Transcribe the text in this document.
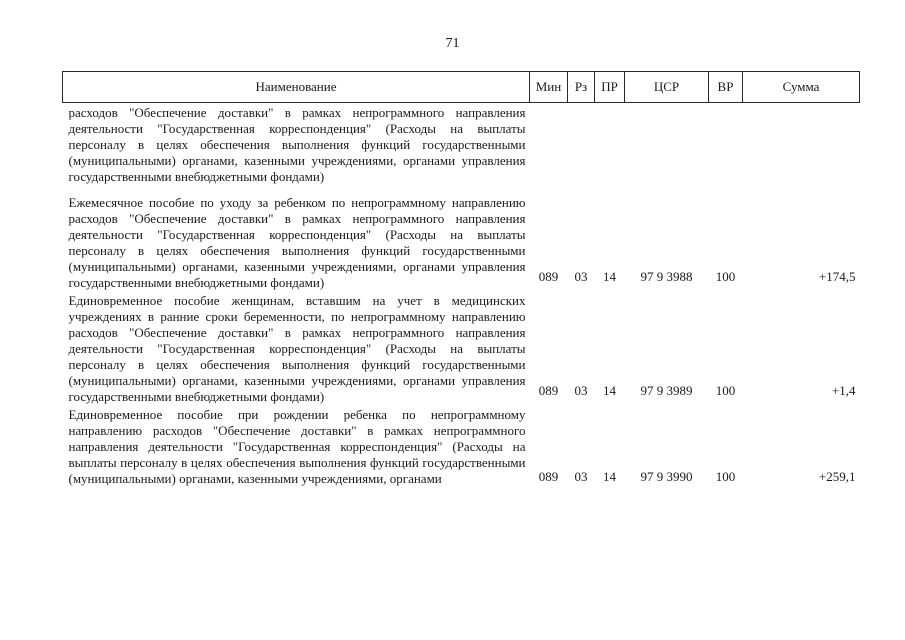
71
Наименование	Мин	Рз	ПР	ЦСР	ВР	Сумма
расходов "Обеспечение доставки" в рамках непрограммного направления деятельности "Государственная корреспонденция" (Расходы на выплаты персоналу в целях обеспечения выполнения функций государственными (муниципальными) органами, казенными учреждениями, органами управления государственными внебюджетными фондами)						
Ежемесячное пособие по уходу за ребенком по непрограммному направлению расходов "Обеспечение доставки" в рамках непрограммного направления деятельности "Государственная корреспонденция" (Расходы на выплаты персоналу в целях обеспечения выполнения функций государственными (муниципальными) органами, казенными учреждениями, органами управления государственными внебюджетными фондами)	089	03	14	97 9 3988	100	+174,5
Единовременное пособие женщинам, вставшим на учет в медицинских учреждениях в ранние сроки беременности, по непрограммному направлению расходов "Обеспечение доставки" в рамках непрограммного направления деятельности "Государственная корреспонденция" (Расходы на выплаты персоналу в целях обеспечения выполнения функций государственными (муниципальными) органами, казенными учреждениями, органами управления государственными внебюджетными фондами)	089	03	14	97 9 3989	100	+1,4
Единовременное пособие при рождении ребенка по непрограммному направлению расходов "Обеспечение доставки" в рамках непрограммного направления деятельности "Государственная корреспонденция" (Расходы на выплаты персоналу в целях обеспечения выполнения функций государственными (муниципальными) органами, казенными учреждениями, органами	089	03	14	97 9 3990	100	+259,1
